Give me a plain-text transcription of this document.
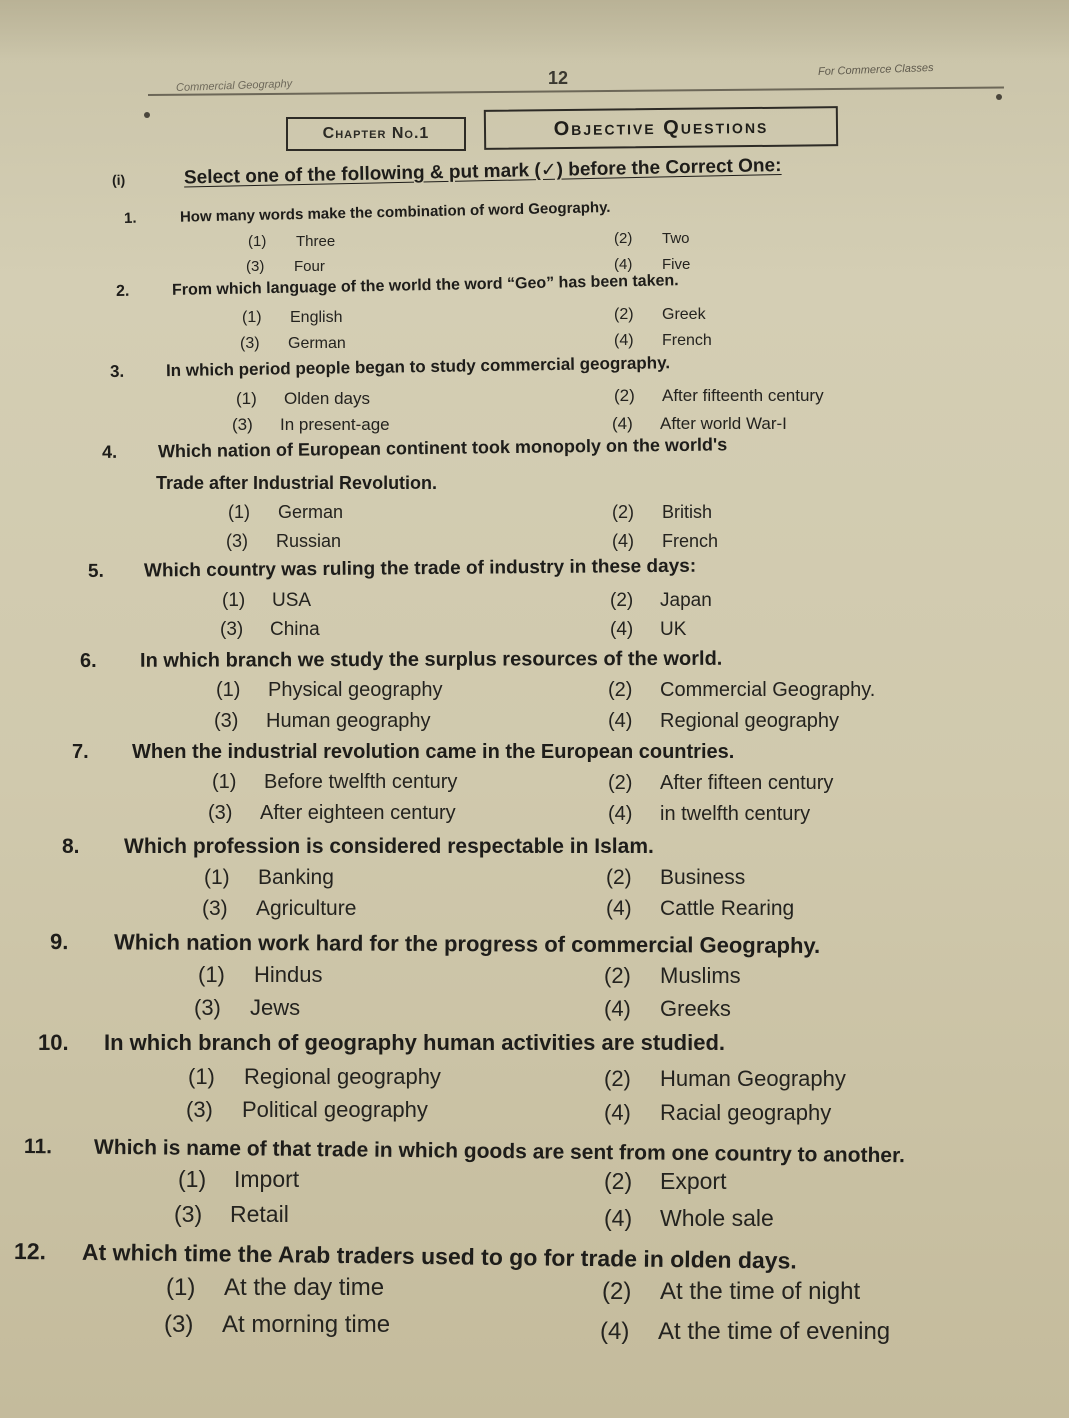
Commercial Geography	12	For Commerce Classes
Chapter No.1	Objective Questions
(i)	Select one of the following & put mark (✓) before the Correct One:
1.	How many words make the combination of word Geography.
(1) Three	(2) Two
(3) Four	(4) Five
2.	From which language of the world the word “Geo” has been taken.
(1) English	(2) Greek
(3) German	(4) French
3. In which period people began to study commercial geography.
(1) Olden days	(2) After fifteenth century
(3) In present-age	(4) After world War-I
4. Which nation of European continent took monopoly on the world's
Trade after Industrial Revolution.
(1) German	(2) British
(3) Russian	(4) French
5. Which country was ruling the trade of industry in these days:
(1) USA	(2) Japan
(3) China	(4) UK
6. In which branch we study the surplus resources of the world.
(1) Physical geography	(2) Commercial Geography.
(3) Human geography	(4) Regional geography
7. When the industrial revolution came in the European countries.
(1) Before twelfth century	(2) After fifteen century
(3) After eighteen century	(4) in twelfth century
8. Which profession is considered respectable in Islam.
(1) Banking	(2) Business
(3) Agriculture	(4) Cattle Rearing
9. Which nation work hard for the progress of commercial Geography.
(1) Hindus	(2) Muslims
(3) Jews	(4) Greeks
10. In which branch of geography human activities are studied.
(1) Regional geography	(2) Human Geography
(3) Political geography	(4) Racial geography
11. Which is name of that trade in which goods are sent from one country to another.
(1) Import	(2) Export
(3) Retail	(4) Whole sale
12. At which time the Arab traders used to go for trade in olden days.
(1) At the day time	(2) At the time of night
(3) At morning time	(4) At the time of evening
